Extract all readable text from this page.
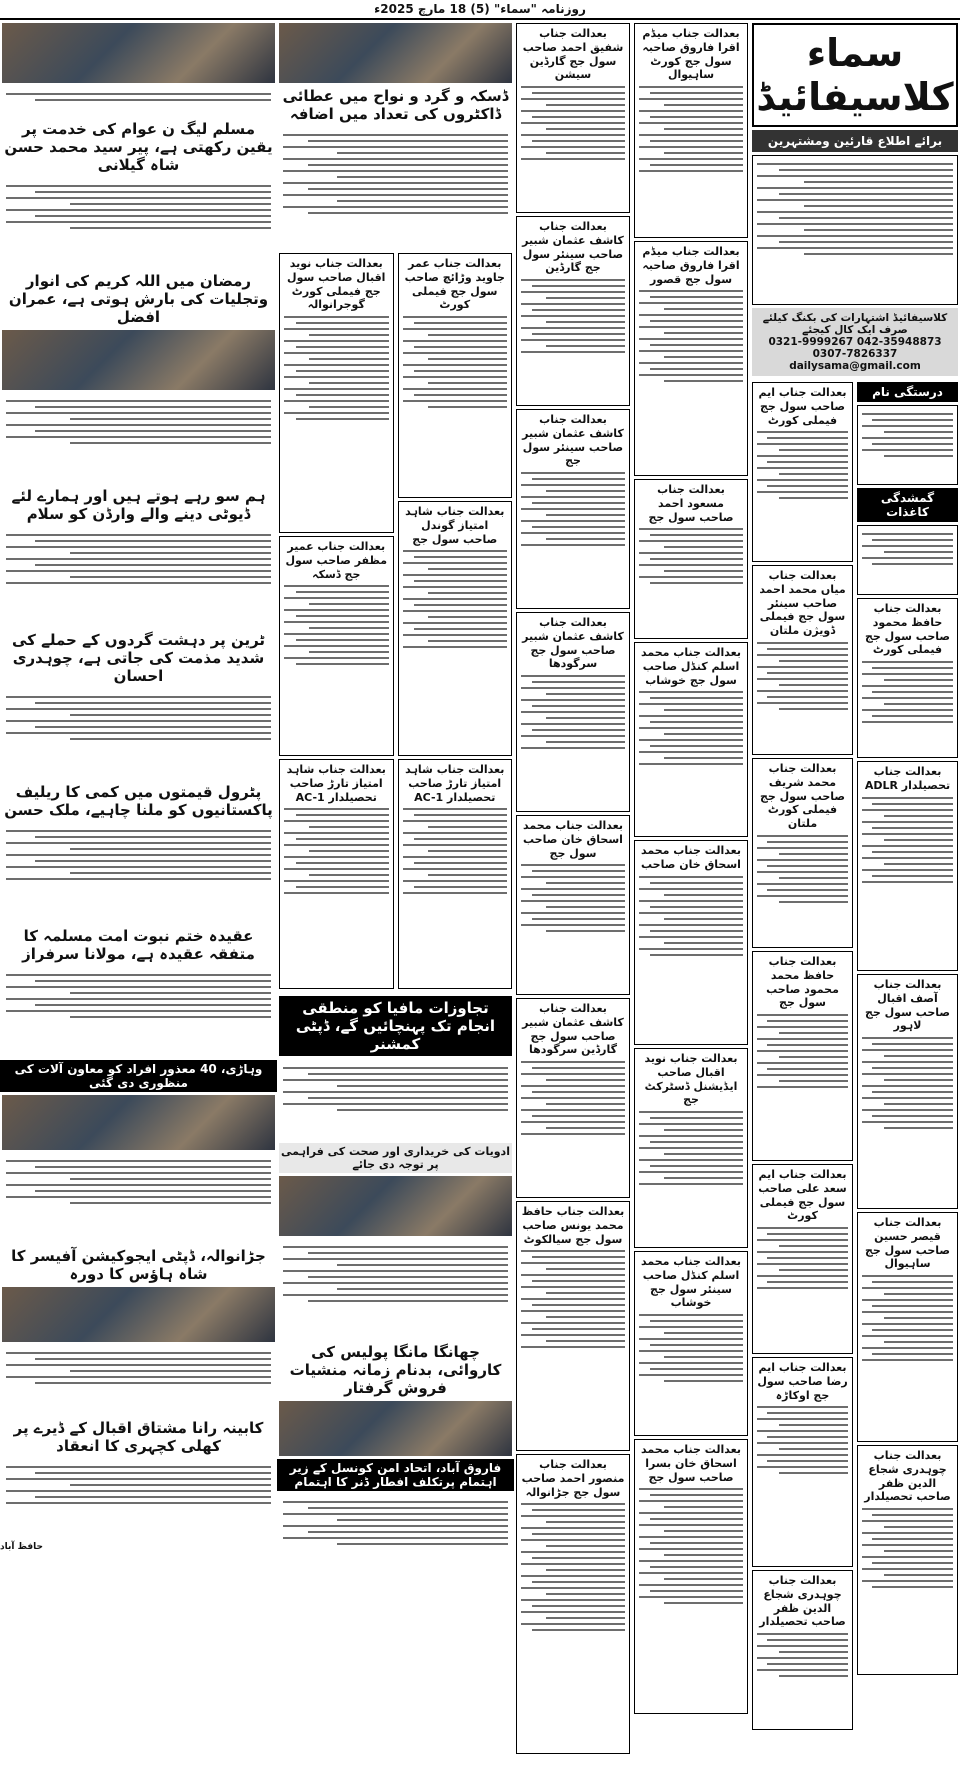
روزنامہ "سماء" (5) 18 مارچ 2025ء
سماء کلاسیفائیڈ
برائے اطلاع قارئین ومشتہرین
کلاسیفائیڈ اشتہارات کی بکنگ کیلئے صرف ایک کال کیجئے
042-35948873 0321-9999267 0307-7826337
dailysama@gmail.com
درستگی نام
گمشدگی کاغذات
بعدالت جناب حافظ محمود صاحب سول جج فیملی کورٹ
بعدالت جناب تحصیلدار ADLR
بعدالت جناب آصف اقبال صاحب سول جج لاہور
بعدالت جناب قیصر حسین صاحب سول جج ساہیوال
بعدالت جناب چوہدری شجاع الدین ظفر صاحب تحصیلدار
بعدالت جناب ایم صاحب سول جج فیملی کورٹ
بعدالت جناب میاں محمد احمد صاحب سینئر سول جج فیملی ڈویژن ملتان
بعدالت جناب محمد شریف صاحب سول جج فیملی کورٹ ملتان
بعدالت جناب حافظ محمد محمود صاحب سول جج
بعدالت جناب ایم سعد علی صاحب سول جج فیملی کورٹ
بعدالت جناب ایم رضا صاحب سول جج اوکاڑہ
بعدالت جناب چوہدری شجاع الدین ظفر صاحب تحصیلدار
بعدالت جناب میڈم اقرا فاروق صاحبہ سول جج کورٹ ساہیوال
بعدالت جناب میڈم اقرا فاروق صاحبہ سول جج قصور
بعدالت جناب مسعود احمد صاحب سول جج
بعدالت جناب محمد اسلم کنڈل صاحب سول جج خوشاب
بعدالت جناب محمد اسحاق خان صاحب
بعدالت جناب نوید اقبال صاحب ایڈیشنل ڈسٹرکٹ جج
بعدالت جناب محمد اسلم کنڈل صاحب سینئر سول جج خوشاب
بعدالت جناب محمد اسحاق خان بسرا صاحب سول جج
بعدالت جناب شفیق احمد صاحب سول جج گارڈین سیشن
بعدالت جناب کاشف عثمان شبیر صاحب سینئر سول جج گارڈین
بعدالت جناب کاشف عثمان شبیر صاحب سینئر سول جج
بعدالت جناب کاشف عثمان شبیر صاحب سول جج سرگودھا
بعدالت جناب محمد اسحاق خان صاحب سول جج
بعدالت جناب کاشف عثمان شبیر صاحب سول جج گارڈین سرگودھا
بعدالت جناب حافظ محمد یونس صاحب سول جج سیالکوٹ
بعدالت جناب منصور احمد صاحب سول جج جڑانوالہ
ڈسکہ و گرد و نواح میں عطائی ڈاکٹروں کی تعداد میں اضافہ
بعدالت جناب عمر جاوید وڑائچ صاحب سول جج فیملی کورٹ
بعدالت جناب شاہد امتیاز گوندل صاحب سول جج
بعدالت جناب شاہد امتیاز تارڑ صاحب تحصیلدار AC-1
بعدالت جناب نوید اقبال صاحب سول جج فیملی کورٹ گوجرانوالہ
بعدالت جناب عمیر مظفر صاحب سول جج ڈسکہ
بعدالت جناب شاہد امتیاز تارڑ صاحب تحصیلدار AC-1
تجاوزات مافیا کو منطقی انجام تک پہنچائیں گے، ڈپٹی کمشنر
ادویات کی خریداری اور صحت کی فراہمی پر توجہ دی جائے
چھانگا مانگا پولیس کی کاروائی، بدنام زمانہ منشیات فروش گرفتار
فاروق آباد، اتحاد امن کونسل کے زیر اہتمام پرتکلف افطار ڈنر کا اہتمام
مسلم لیگ ن عوام کی خدمت پر یقین رکھتی ہے، پیر سید محمد حسن شاہ گیلانی
رمضان میں اللہ کریم کی انوار وتجلیات کی بارش ہوتی ہے، عمران افضل
ہم سو رہے ہوتے ہیں اور ہمارے لئے ڈیوٹی دینے والے وارڈن کو سلام
ٹرین پر دہشت گردوں کے حملے کی شدید مذمت کی جاتی ہے، چوہدری احسان
پٹرول قیمتوں میں کمی کا ریلیف پاکستانیوں کو ملنا چاہیے، ملک حسن
عقیدہ ختم نبوت امت مسلمہ کا متفقہ عقیدہ ہے، مولانا سرفراز
وہاڑی، 40 معذور افراد کو معاون آلات کی منظوری دی گئی
جڑانوالہ، ڈپٹی ایجوکیشن آفیسر کا شاہ ہاؤس کا دورہ
کابینہ رانا مشتاق اقبال کے ڈیرے پر کھلی کچہری کا انعقاد
حافظ آباد
